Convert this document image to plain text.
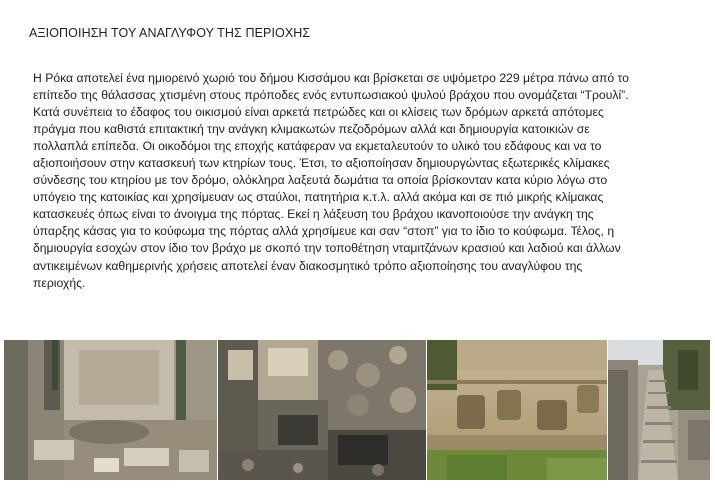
ΑΞΙΟΠΟΙΗΣΗ ΤΟΥ ΑΝΑΓΛΥΦΟΥ ΤΗΣ ΠΕΡΙΟΧΗΣ
Η Ρόκα αποτελεί ένα ημιορεινό χωριό του δήμου Κισσάμου και βρίσκεται σε υψόμετρο 229 μέτρα πάνω από το
επίπεδο της θάλασσας χτισμένη στους πρόποδες ενός εντυπωσιακού ψυλού βράχου που ονομάζεται “Τρουλί”.
Κατά συνέπεια το έδαφος του οικισμού είναι αρκετά πετρώδες και οι κλίσεις των δρόμων αρκετά απότομες
πράγμα που καθιστά επιτακτική την ανάγκη κλιμακωτών πεζοδρόμων αλλά και δημιουργία κατοικιών σε
πολλαπλά επίπεδα. Οι οικοδόμοι της εποχής κατάφεραν να εκμεταλευτούν το υλικό του εδάφους και να το
αξιοποιήσουν στην κατασκευή των κτηρίων τους. Έτσι, το αξιοποίησαν δημιουργώντας εξωτερικές κλίμακες
σύνδεσης του κτηρίου με τον δρόμο, ολόκληρα λαξευτά δωμάτια τα οποία βρίσκονταν κατα κύριο λόγω στο
υπόγειο της κατοικίας και χρησίμευαν ως σταύλοι, πατητήρια κ.τ.λ. αλλά ακόμα και σε πιό μικρής κλίμακας
κατασκευές όπως είναι το άνοιγμα της πόρτας. Εκεί η λάξευση του βράχου ικανοποιούσε την ανάγκη της
ύπαρξης κάσας για το κούφωμα της πόρτας αλλά χρησίμευε και σαν “στοπ” για το ίδιο το κούφωμα. Τέλος, η
δημιουργία εσοχών στον ίδιο τον βράχο με σκοπό την τοποθέτηση νταμιτζάνων κρασιού και λαδιού και άλλων
αντικειμένων καθημερινής χρήσεις αποτελεί έναν διακοσμητικό τρόπο αξιοποίησης του αναγλύφου της
περιοχής.
